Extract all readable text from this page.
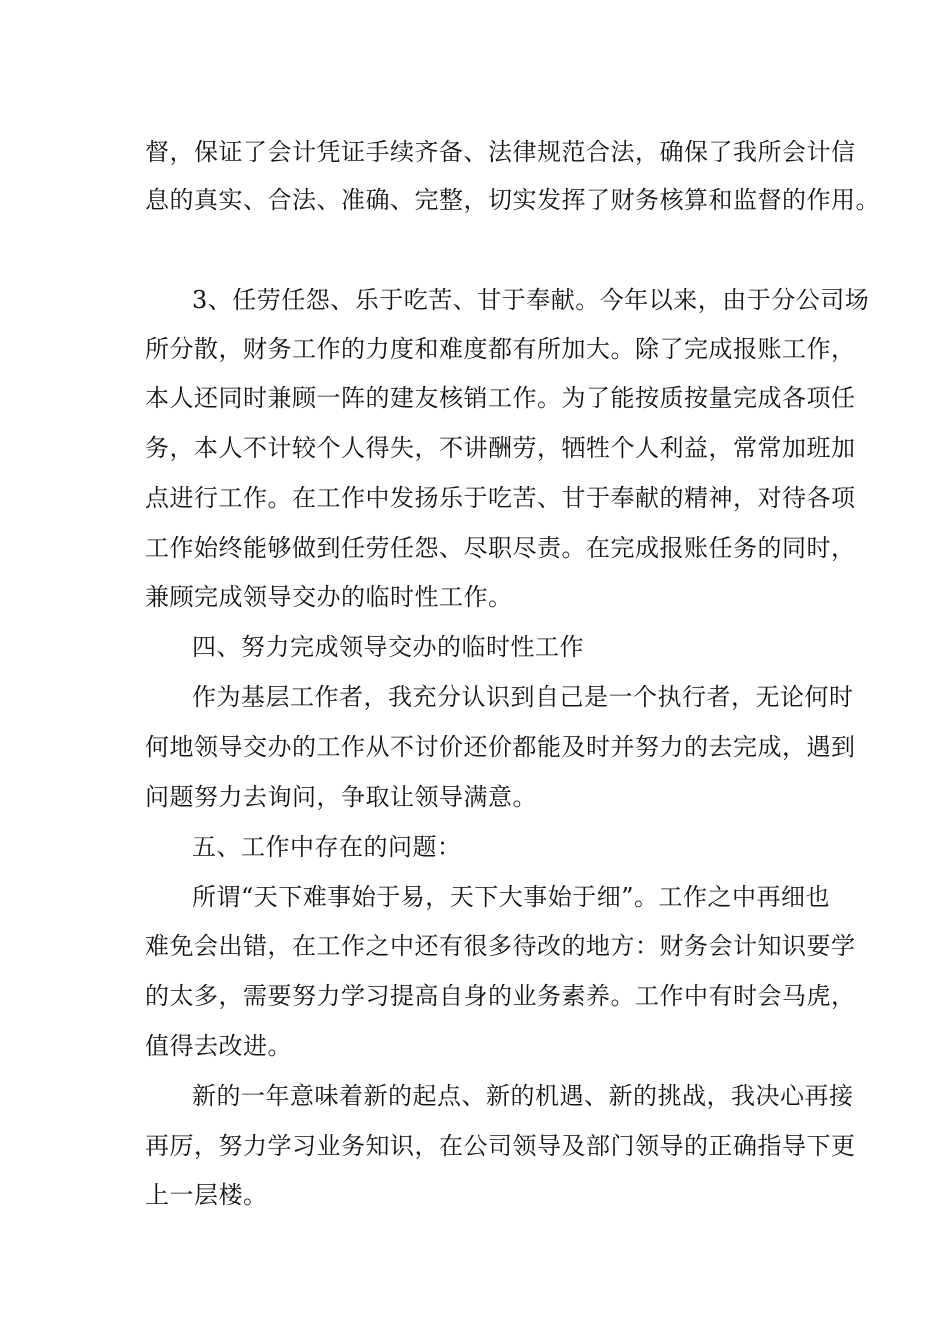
督，保证了会计凭证手续齐备、法律规范合法，确保了我所会计信
息的真实、合法、准确、完整，切实发挥了财务核算和监督的作用。
3、任劳任怨、乐于吃苦、甘于奉献。今年以来，由于分公司场
所分散，财务工作的力度和难度都有所加大。除了完成报账工作，
本人还同时兼顾一阵的建友核销工作。为了能按质按量完成各项任
务，本人不计较个人得失，不讲酬劳，牺牲个人利益，常常加班加
点进行工作。在工作中发扬乐于吃苦、甘于奉献的精神，对待各项
工作始终能够做到任劳任怨、尽职尽责。在完成报账任务的同时，
兼顾完成领导交办的临时性工作。
四、努力完成领导交办的临时性工作
作为基层工作者，我充分认识到自己是一个执行者，无论何时
何地领导交办的工作从不讨价还价都能及时并努力的去完成，遇到
问题努力去询问，争取让领导满意。
五、工作中存在的问题：
所谓“天下难事始于易，天下大事始于细”。工作之中再细也
难免会出错，在工作之中还有很多待改的地方：财务会计知识要学
的太多，需要努力学习提高自身的业务素养。工作中有时会马虎，
值得去改进。
新的一年意味着新的起点、新的机遇、新的挑战，我决心再接
再厉，努力学习业务知识，在公司领导及部门领导的正确指导下更
上一层楼。
